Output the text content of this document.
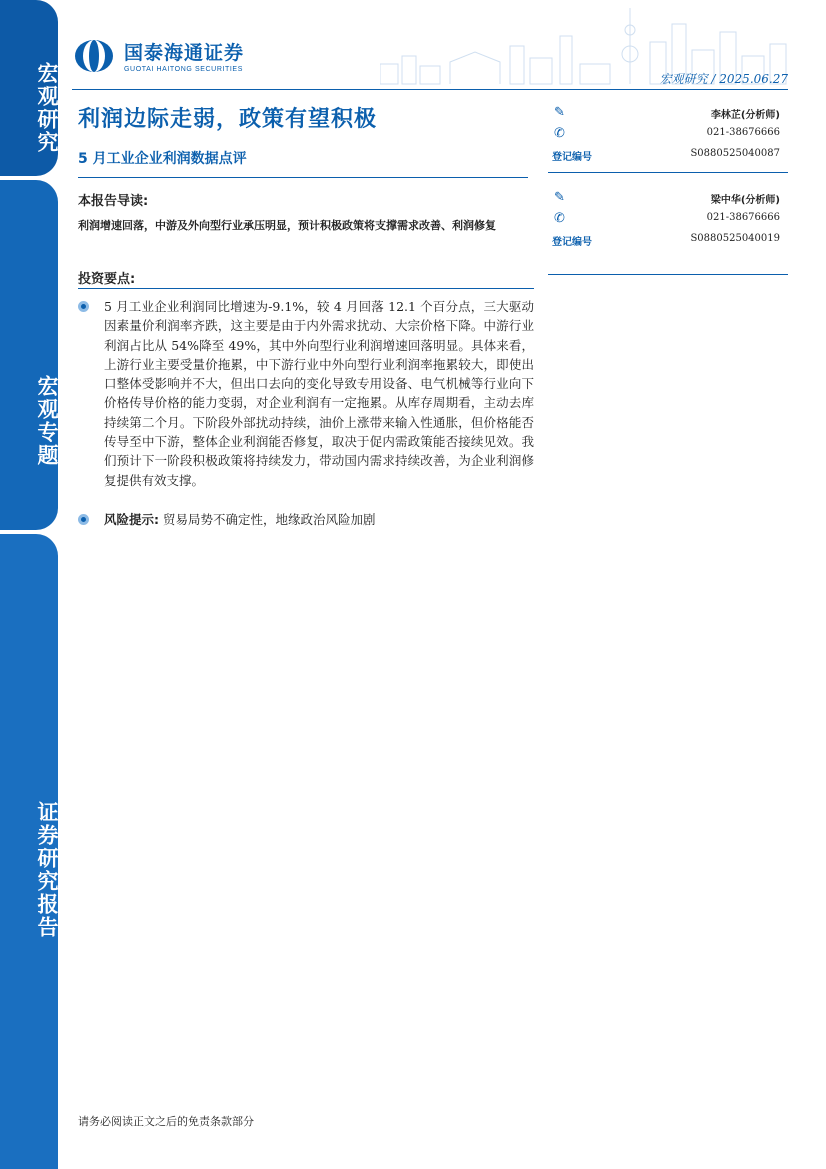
宏观研究
宏观专题
证券研究报告
国泰海通证券
GUOTAI HAITONG SECURITIES
宏观研究 / 2025.06.27
利润边际走弱，政策有望积极
5 月工业企业利润数据点评
本报告导读:
利润增速回落，中游及外向型行业承压明显，预计积极政策将支撑需求改善、利润修复
投资要点:
5 月工业企业利润同比增速为-9.1%，较 4 月回落 12.1 个百分点，三大驱动因素量价利润率齐跌，这主要是由于内外需求扰动、大宗价格下降。中游行业利润占比从 54%降至 49%，其中外向型行业利润增速回落明显。具体来看，上游行业主要受量价拖累，中下游行业中外向型行业利润率拖累较大，即使出口整体受影响并不大，但出口去向的变化导致专用设备、电气机械等行业向下价格传导价格的能力变弱，对企业利润有一定拖累。从库存周期看，主动去库持续第二个月。下阶段外部扰动持续，油价上涨带来输入性通胀，但价格能否传导至中下游，整体企业利润能否修复，取决于促内需政策能否接续见效。我们预计下一阶段积极政策将持续发力，带动国内需求持续改善，为企业利润修复提供有效支撑。
风险提示: 贸易局势不确定性，地缘政治风险加剧
✎	李林芷(分析师)
✆	021-38676666
登记编号	S0880525040087
✎	梁中华(分析师)
✆	021-38676666
登记编号	S0880525040019
请务必阅读正文之后的免责条款部分
